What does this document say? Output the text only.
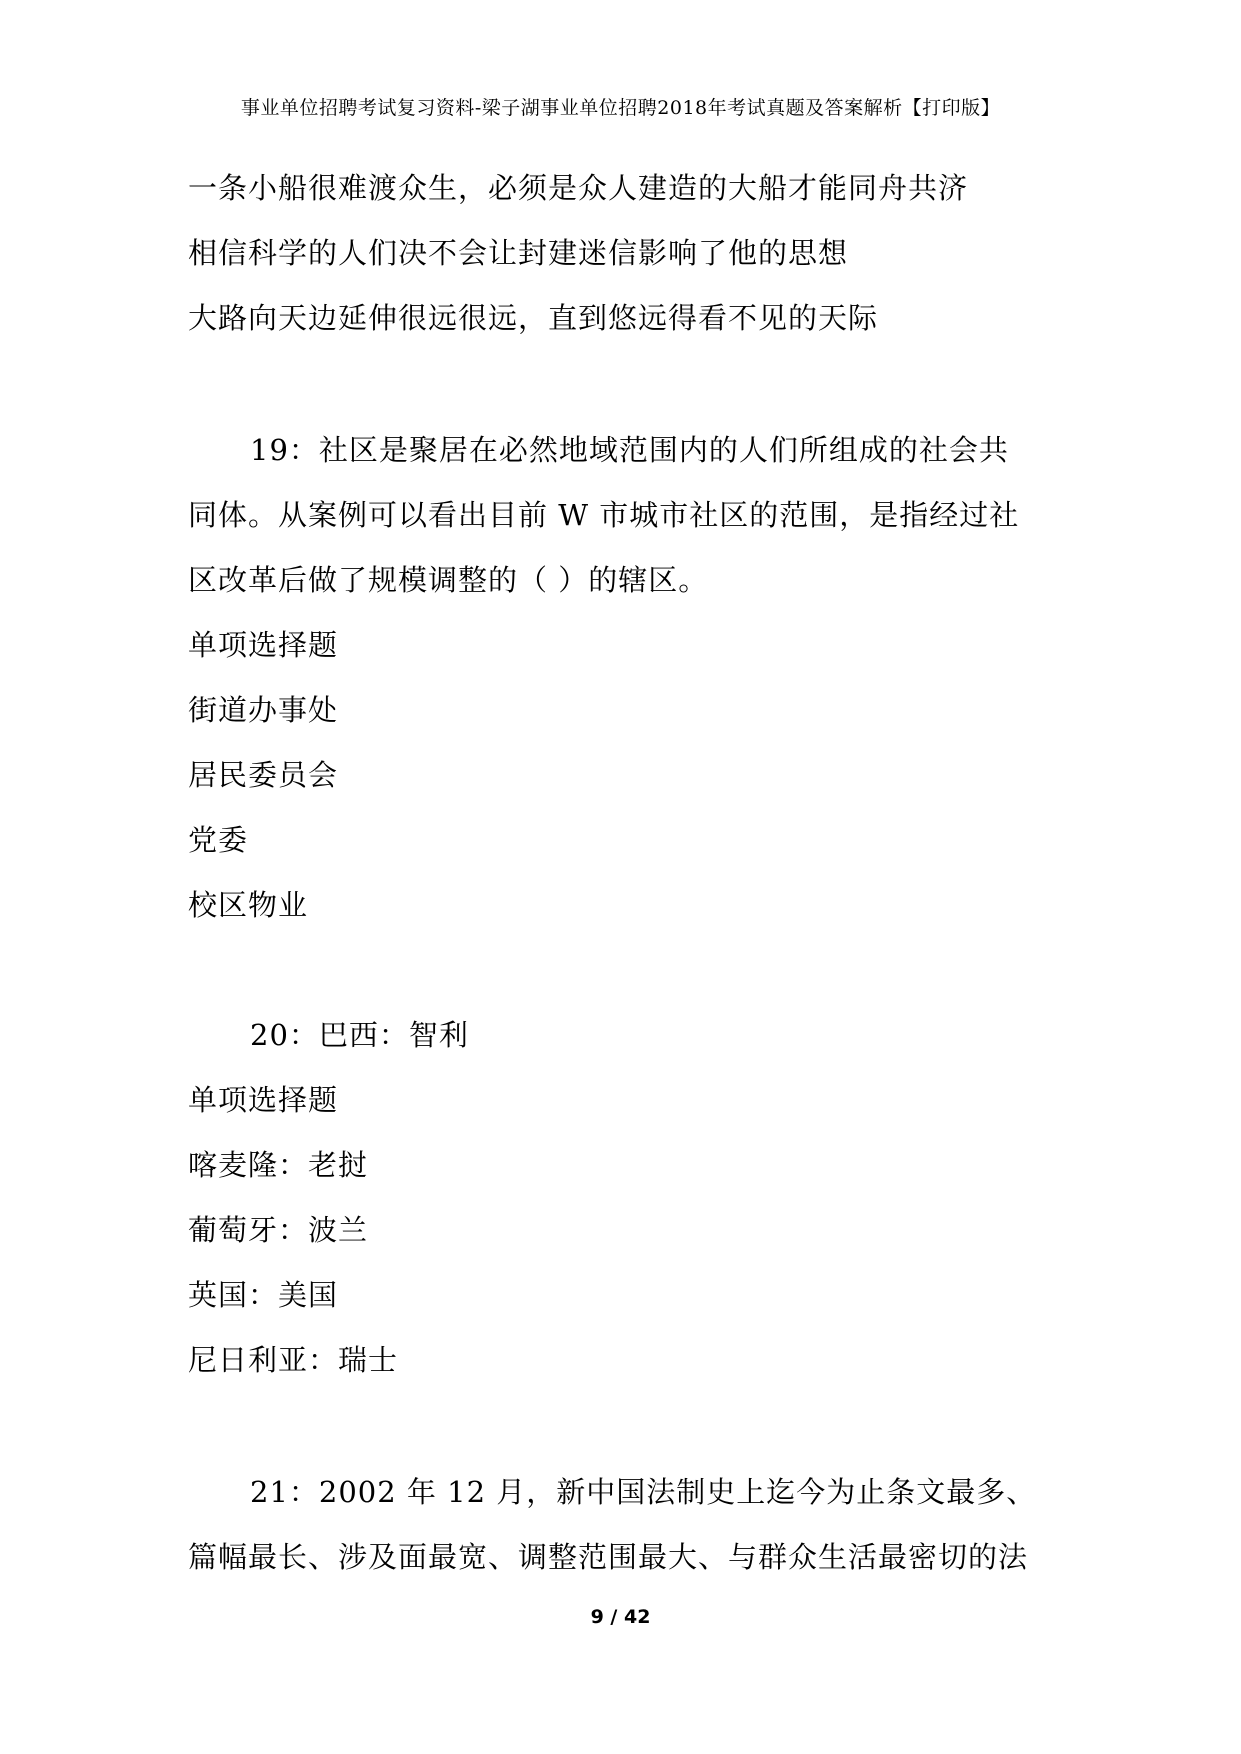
事业单位招聘考试复习资料-梁子湖事业单位招聘2018年考试真题及答案解析【打印版】
一条小船很难渡众生，必须是众人建造的大船才能同舟共济
相信科学的人们决不会让封建迷信影响了他的思想
大路向天边延伸很远很远，直到悠远得看不见的天际
19：社区是聚居在必然地域范围内的人们所组成的社会共
同体。从案例可以看出目前 W 市城市社区的范围，是指经过社
区改革后做了规模调整的（ ）的辖区。
单项选择题
街道办事处
居民委员会
党委
校区物业
20：巴西：智利
单项选择题
喀麦隆：老挝
葡萄牙：波兰
英国：美国
尼日利亚：瑞士
21：2002 年 12 月，新中国法制史上迄今为止条文最多、
篇幅最长、涉及面最宽、调整范围最大、与群众生活最密切的法
9 / 42
